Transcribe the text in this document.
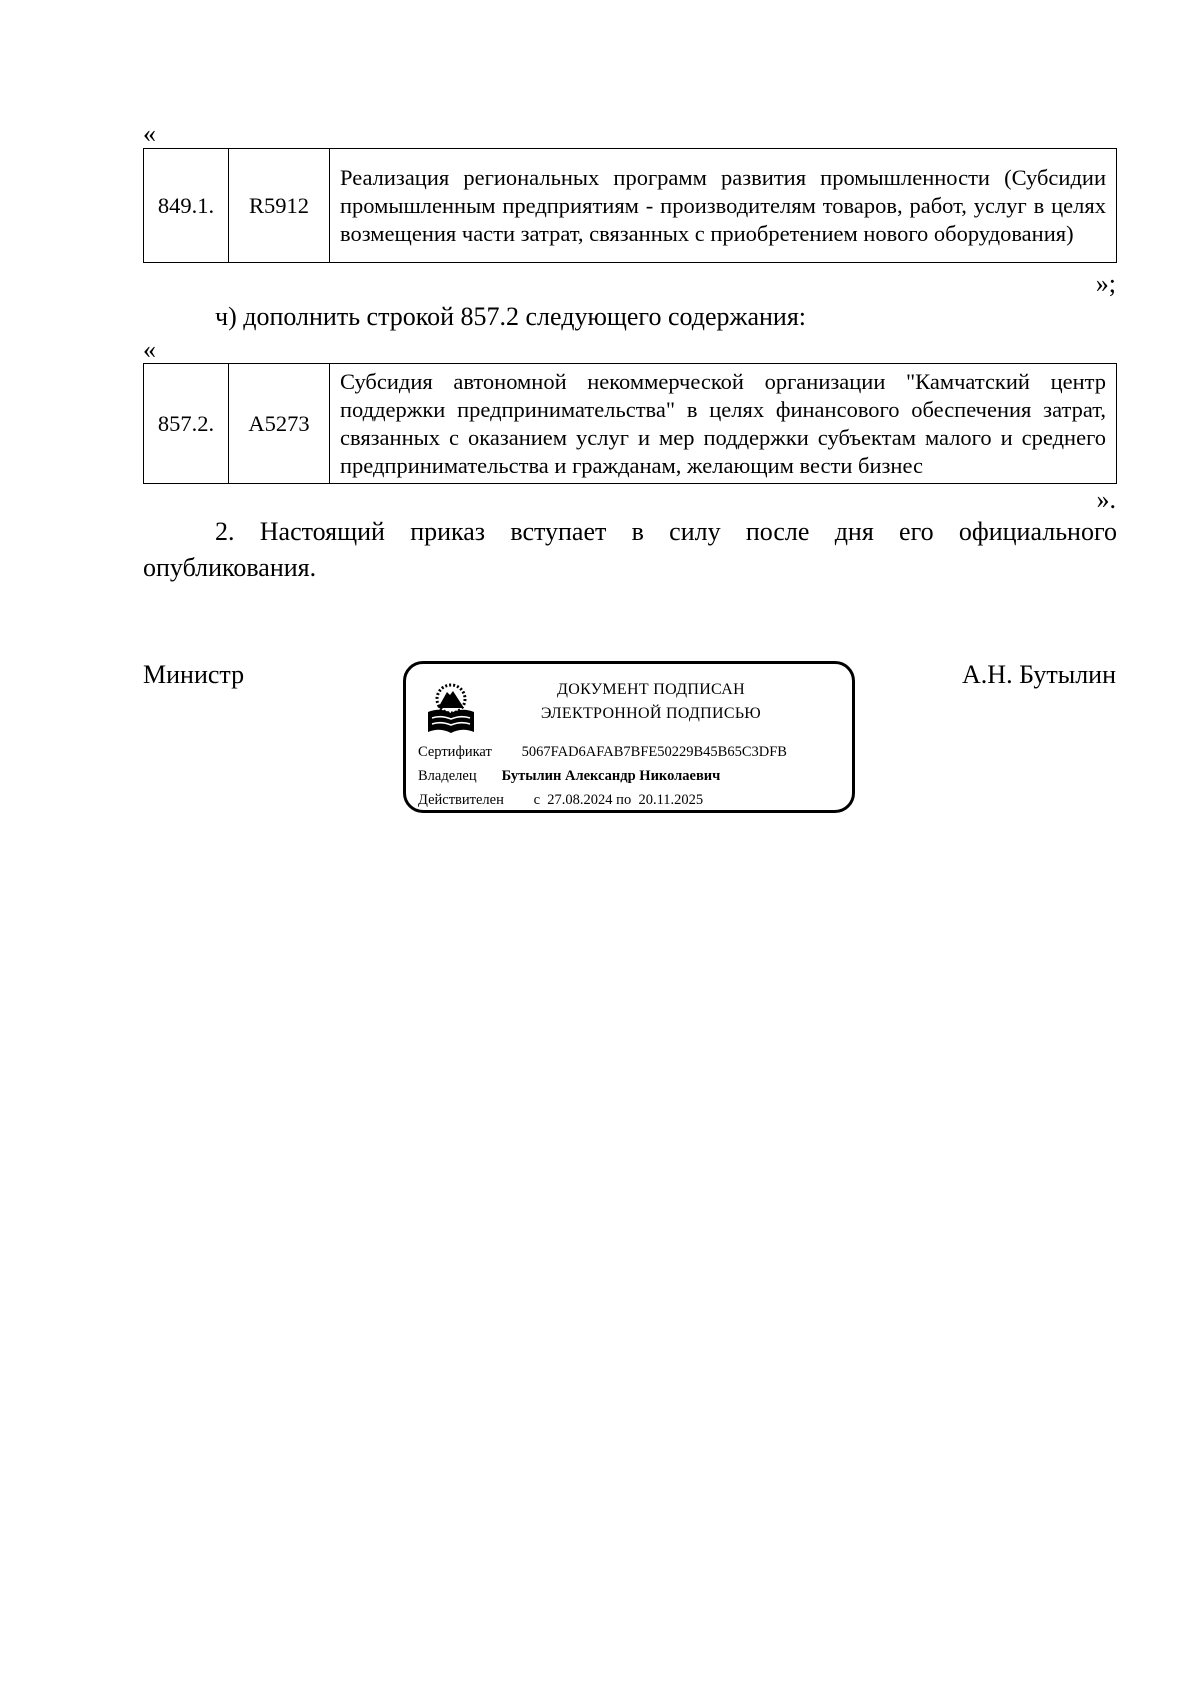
«
849.1.	R5912	Реализация региональных программ развития промышленности (Субсидии промышленным предприятиям - производителям товаров, работ, услуг в целях возмещения части затрат, связанных с приобретением нового оборудования)
»;
ч) дополнить строкой 857.2 следующего содержания:
«
857.2.	А5273	Субсидия автономной некоммерческой организации "Камчатский центр поддержки предпринимательства" в целях финансового обеспечения затрат, связанных с оказанием услуг и мер поддержки субъектам малого и среднего предпринимательства и гражданам, желающим вести бизнес
».
2. Настоящий приказ вступает в силу после дня его официального опубликования.
Министр	А.Н. Бутылин
ДОКУМЕНТ ПОДПИСАН
ЭЛЕКТРОННОЙ ПОДПИСЬЮ
Сертификат 5067FAD6AFAB7BFE50229B45B65C3DFB
Владелец Бутылин Александр Николаевич
Действителен с  27.08.2024 по  20.11.2025
